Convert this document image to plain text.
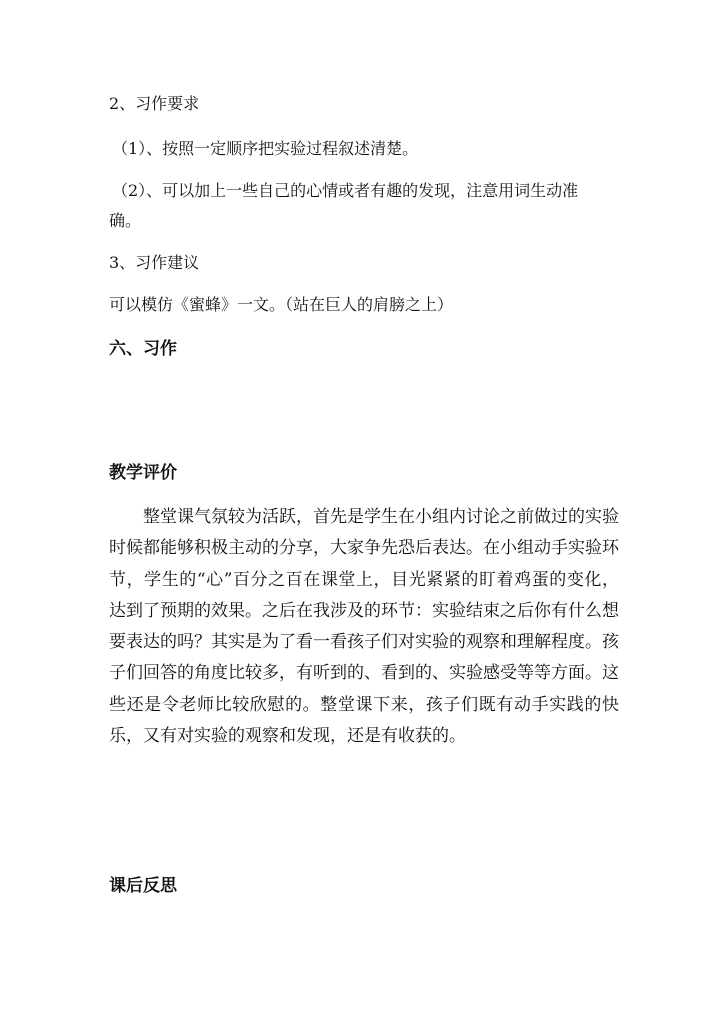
2、习作要求
（1）、按照一定顺序把实验过程叙述清楚。
（2）、可以加上一些自己的心情或者有趣的发现，注意用词生动准
确。
3、习作建议
可以模仿《蜜蜂》一文。（站在巨人的肩膀之上）
六、习作
教学评价
整堂课气氛较为活跃，首先是学生在小组内讨论之前做过的实验时候都能够积极主动的分享，大家争先恐后表达。在小组动手实验环节，学生的“心”百分之百在课堂上，目光紧紧的盯着鸡蛋的变化，达到了预期的效果。之后在我涉及的环节：实验结束之后你有什么想要表达的吗？其实是为了看一看孩子们对实验的观察和理解程度。孩子们回答的角度比较多，有听到的、看到的、实验感受等等方面。这些还是令老师比较欣慰的。整堂课下来，孩子们既有动手实践的快乐，又有对实验的观察和发现，还是有收获的。
课后反思
